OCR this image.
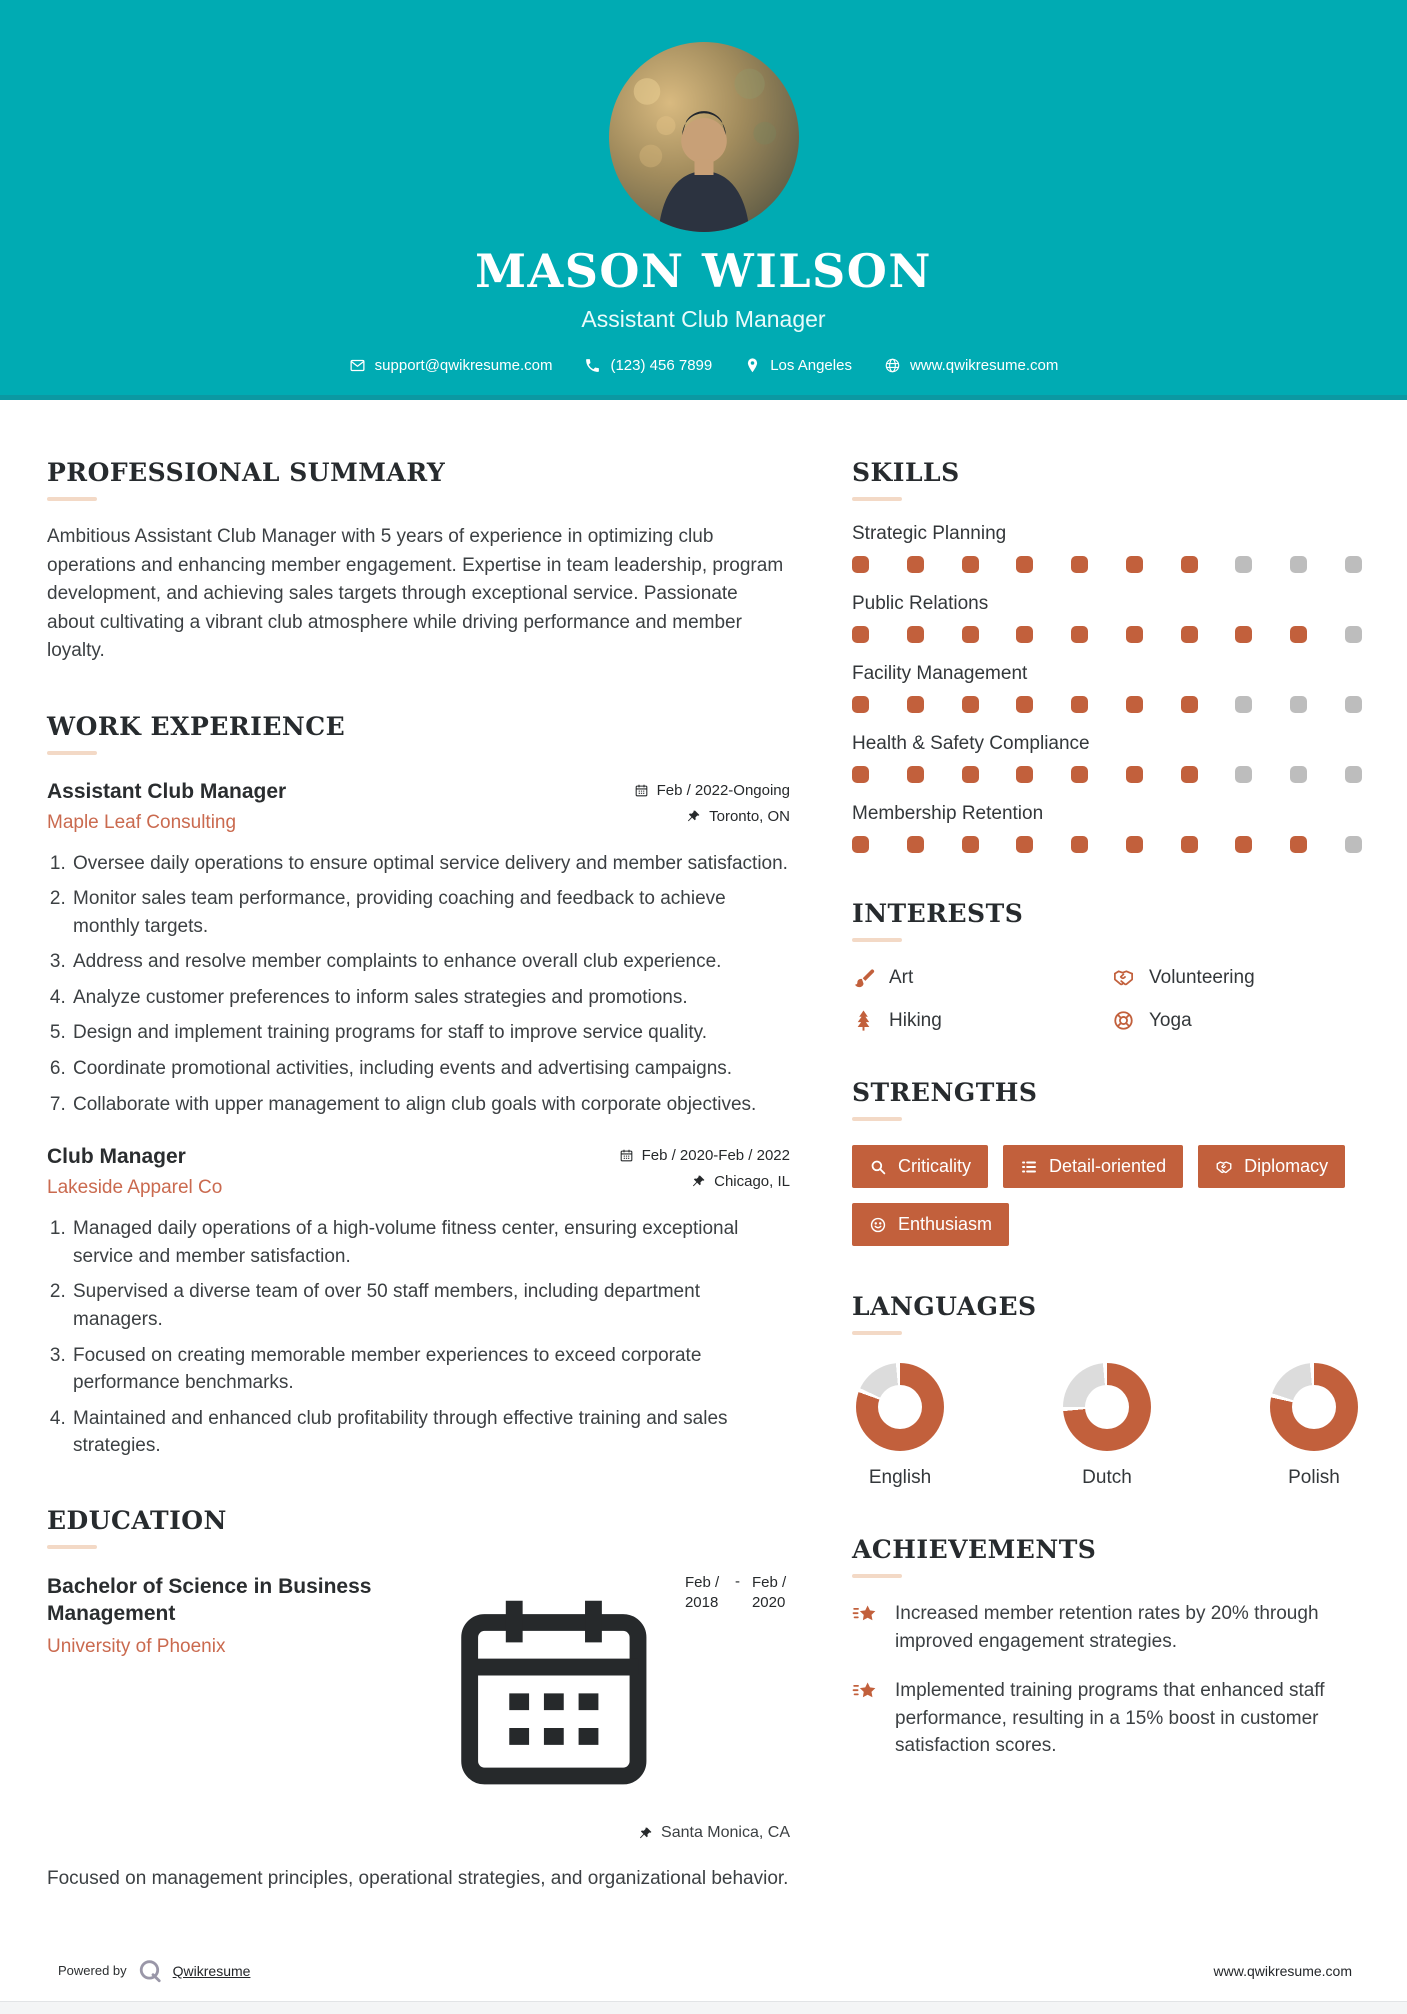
MASON WILSON
Assistant Club Manager
support@qwikresume.com	(123) 456 7899	Los Angeles	www.qwikresume.com
PROFESSIONAL SUMMARY

Ambitious Assistant Club Manager with 5 years of experience in optimizing club operations and enhancing member engagement. Expertise in team leadership, program development, and achieving sales targets through exceptional service. Passionate about cultivating a vibrant club atmosphere while driving performance and member loyalty.

WORK EXPERIENCE
Assistant Club Manager
Maple Leaf Consulting
Feb / 2022-Ongoing
Toronto, ON
1. Oversee daily operations to ensure optimal service delivery and member satisfaction.
2. Monitor sales team performance, providing coaching and feedback to achieve monthly targets.
3. Address and resolve member complaints to enhance overall club experience.
4. Analyze customer preferences to inform sales strategies and promotions.
5. Design and implement training programs for staff to improve service quality.
6. Coordinate promotional activities, including events and advertising campaigns.
7. Collaborate with upper management to align club goals with corporate objectives.
Club Manager
Lakeside Apparel Co
Feb / 2020-Feb / 2022
Chicago, IL
1. Managed daily operations of a high-volume fitness center, ensuring exceptional service and member satisfaction.
2. Supervised a diverse team of over 50 staff members, including department managers.
3. Focused on creating memorable member experiences to exceed corporate performance benchmarks.
4. Maintained and enhanced club profitability through effective training and sales strategies.
EDUCATION
Bachelor of Science in Business Management
University of Phoenix
Feb / 2018
- Feb / 2020
Santa Monica, CA

Focused on management principles, operational strategies, and organizational behavior.

SKILLS
Strategic Planning
Public Relations
Facility Management
Health & Safety Compliance
Membership Retention
INTERESTS
Art	Volunteering
Hiking	Yoga
STRENGTHS
Criticality	Detail-oriented	Diplomacy
Enthusiasm
LANGUAGES
English	Dutch	Polish
ACHIEVEMENTS
Increased member retention rates by 20% through improved engagement strategies.
Implemented training programs that enhanced staff performance, resulting in a 15% boost in customer satisfaction scores.
Powered by	Qwikresume	www.qwikresume.com
